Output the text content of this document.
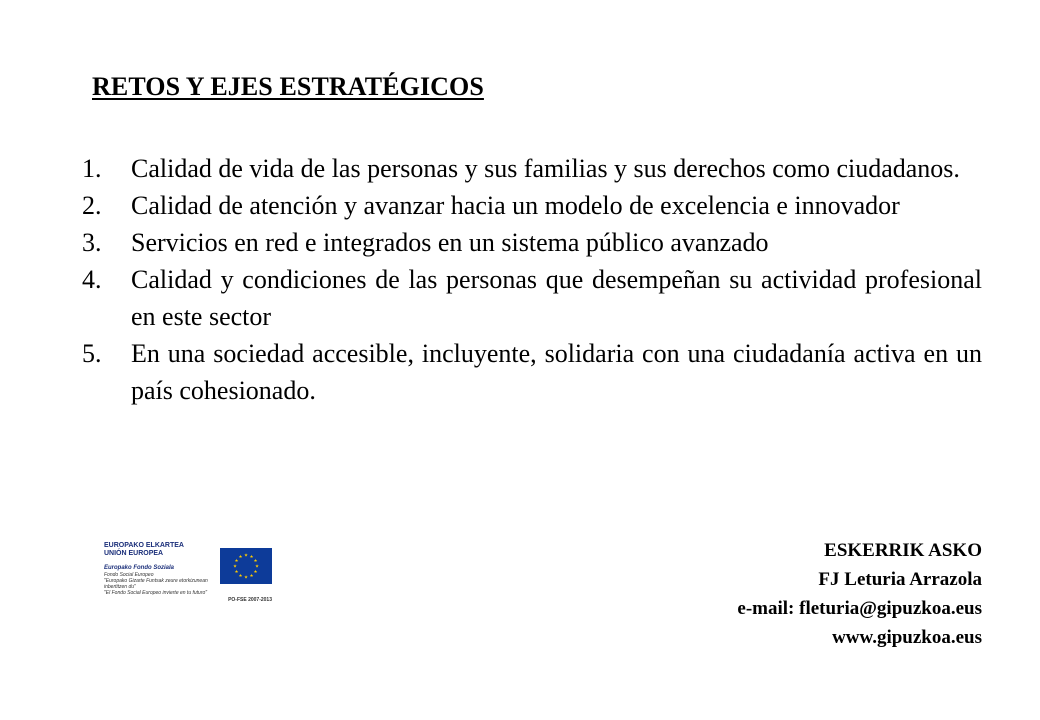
RETOS Y EJES ESTRATÉGICOS
1. Calidad de vida de las personas y sus familias y sus derechos como ciudadanos.
2. Calidad de atención y avanzar hacia un modelo de excelencia e innovador
3. Servicios en red e integrados en un sistema público avanzado
4. Calidad y condiciones de las personas que desempeñan su actividad profesional en este sector
5. En una sociedad accesible, incluyente, solidaria con una ciudadanía activa en un país cohesionado.
EUROPAKO ELKARTEA
UNIÓN EUROPEA
Europako Fondo Soziala
Fondo Social Europeo
"Europako Gizarte Funtsak zeure etorkizunean inbertitzen du"
"El Fondo Social Europeo invierte en tu futuro"
PO-FSE 2007-2013
★ ★
★
★
★
★
★
★
★
★
★
★	ESKERRIK ASKO
FJ Leturia Arrazola
e-mail: fleturia@gipuzkoa.eus
www.gipuzkoa.eus
